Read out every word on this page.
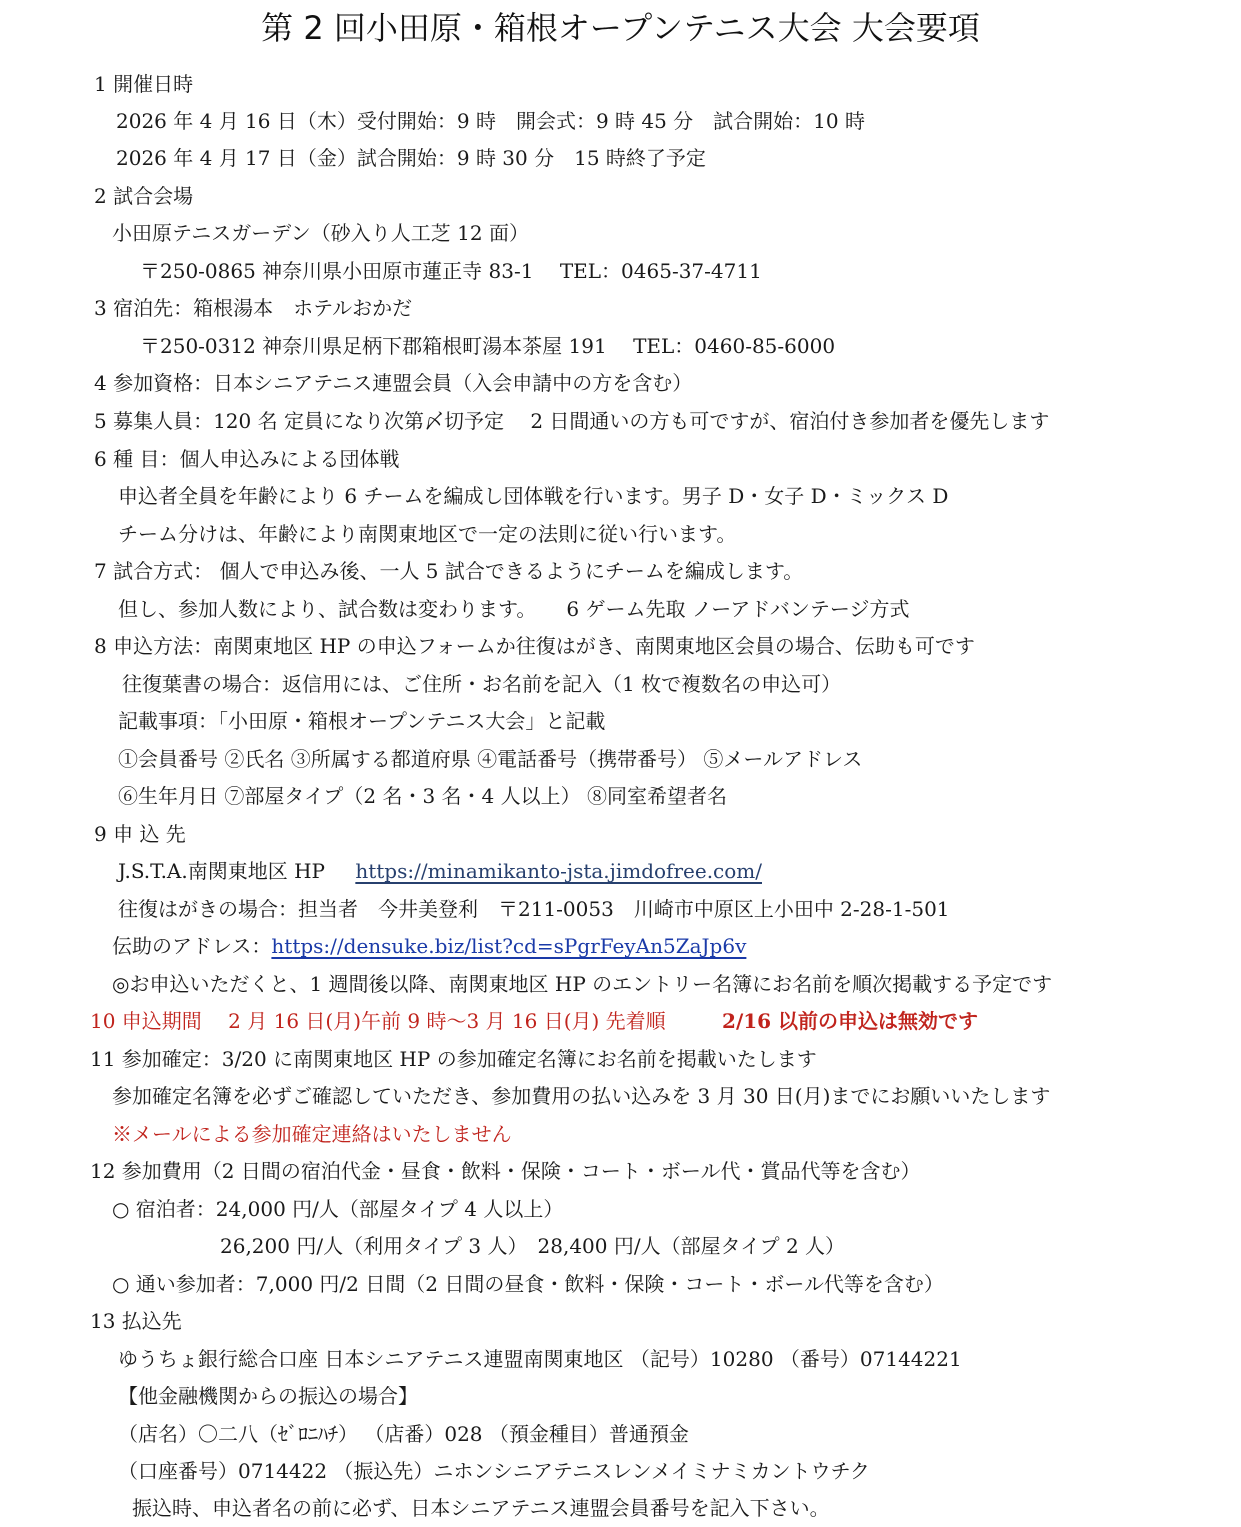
第 2 回小田原・箱根オープンテニス大会 大会要項
1 開催日時
2026 年 4 月 16 日（木）受付開始：9 時　開会式：9 時 45 分　試合開始：10 時
2026 年 4 月 17 日（金）試合開始：9 時 30 分　15 時終了予定
2 試合会場
小田原テニスガーデン（砂入り人工芝 12 面）
〒250-0865 神奈川県小田原市蓮正寺 83-1　 TEL：0465-37-4711
3 宿泊先：箱根湯本　ホテルおかだ
〒250-0312 神奈川県足柄下郡箱根町湯本茶屋 191　 TEL：0460-85-6000
4 参加資格：日本シニアテニス連盟会員（入会申請中の方を含む）
5 募集人員：120 名 定員になり次第〆切予定　 2 日間通いの方も可ですが、宿泊付き参加者を優先します
6 種 目：個人申込みによる団体戦
申込者全員を年齢により 6 チームを編成し団体戦を行います。男子 D・女子 D・ミックス D
チーム分けは、年齢により南関東地区で一定の法則に従い行います。
7 試合方式： 個人で申込み後、一人 5 試合できるようにチームを編成します。
但し、参加人数により、試合数は変わります。　　6 ゲーム先取 ノーアドバンテージ方式
8 申込方法：南関東地区 HP の申込フォームか往復はがき、南関東地区会員の場合、伝助も可です
往復葉書の場合：返信用には、ご住所・お名前を記入（1 枚で複数名の申込可）
記載事項：「小田原・箱根オープンテニス大会」と記載
①会員番号 ②氏名 ③所属する都道府県 ④電話番号（携帯番号） ⑤メールアドレス
⑥生年月日 ⑦部屋タイプ（2 名・3 名・4 人以上） ⑧同室希望者名
9 申 込 先
J.S.T.A.南関東地区 HP https://minamikanto-jsta.jimdofree.com/
往復はがきの場合：担当者　今井美登利　〒211-0053　川崎市中原区上小田中 2-28-1-501
伝助のアドレス：https://densuke.biz/list?cd=sPgrFeyAn5ZaJp6v
◎お申込いただくと、1 週間後以降、南関東地区 HP のエントリー名簿にお名前を順次掲載する予定です
10 申込期間　 2 月 16 日(月)午前 9 時～3 月 16 日(月) 先着順	2/16 以前の申込は無効です
11 参加確定：3/20 に南関東地区 HP の参加確定名簿にお名前を掲載いたします
参加確定名簿を必ずご確認していただき、参加費用の払い込みを 3 月 30 日(月)までにお願いいたします
※メールによる参加確定連絡はいたしません
12 参加費用（2 日間の宿泊代金・昼食・飲料・保険・コート・ボール代・賞品代等を含む）
○ 宿泊者：24,000 円/人（部屋タイプ 4 人以上）
26,200 円/人（利用タイプ 3 人）　28,400 円/人（部屋タイプ 2 人）
○ 通い参加者：7,000 円/2 日間（2 日間の昼食・飲料・保険・コート・ボール代等を含む）
13 払込先
ゆうちょ銀行総合口座 日本シニアテニス連盟南関東地区 （記号）10280 （番号）07144221
【他金融機関からの振込の場合】
（店名）〇二八（ｾﾞﾛﾆﾊﾁ） （店番）028 （預金種目）普通預金
（口座番号）0714422 （振込先）ニホンシニアテニスレンメイミナミカントウチク
振込時、申込者名の前に必ず、日本シニアテニス連盟会員番号を記入下さい。
